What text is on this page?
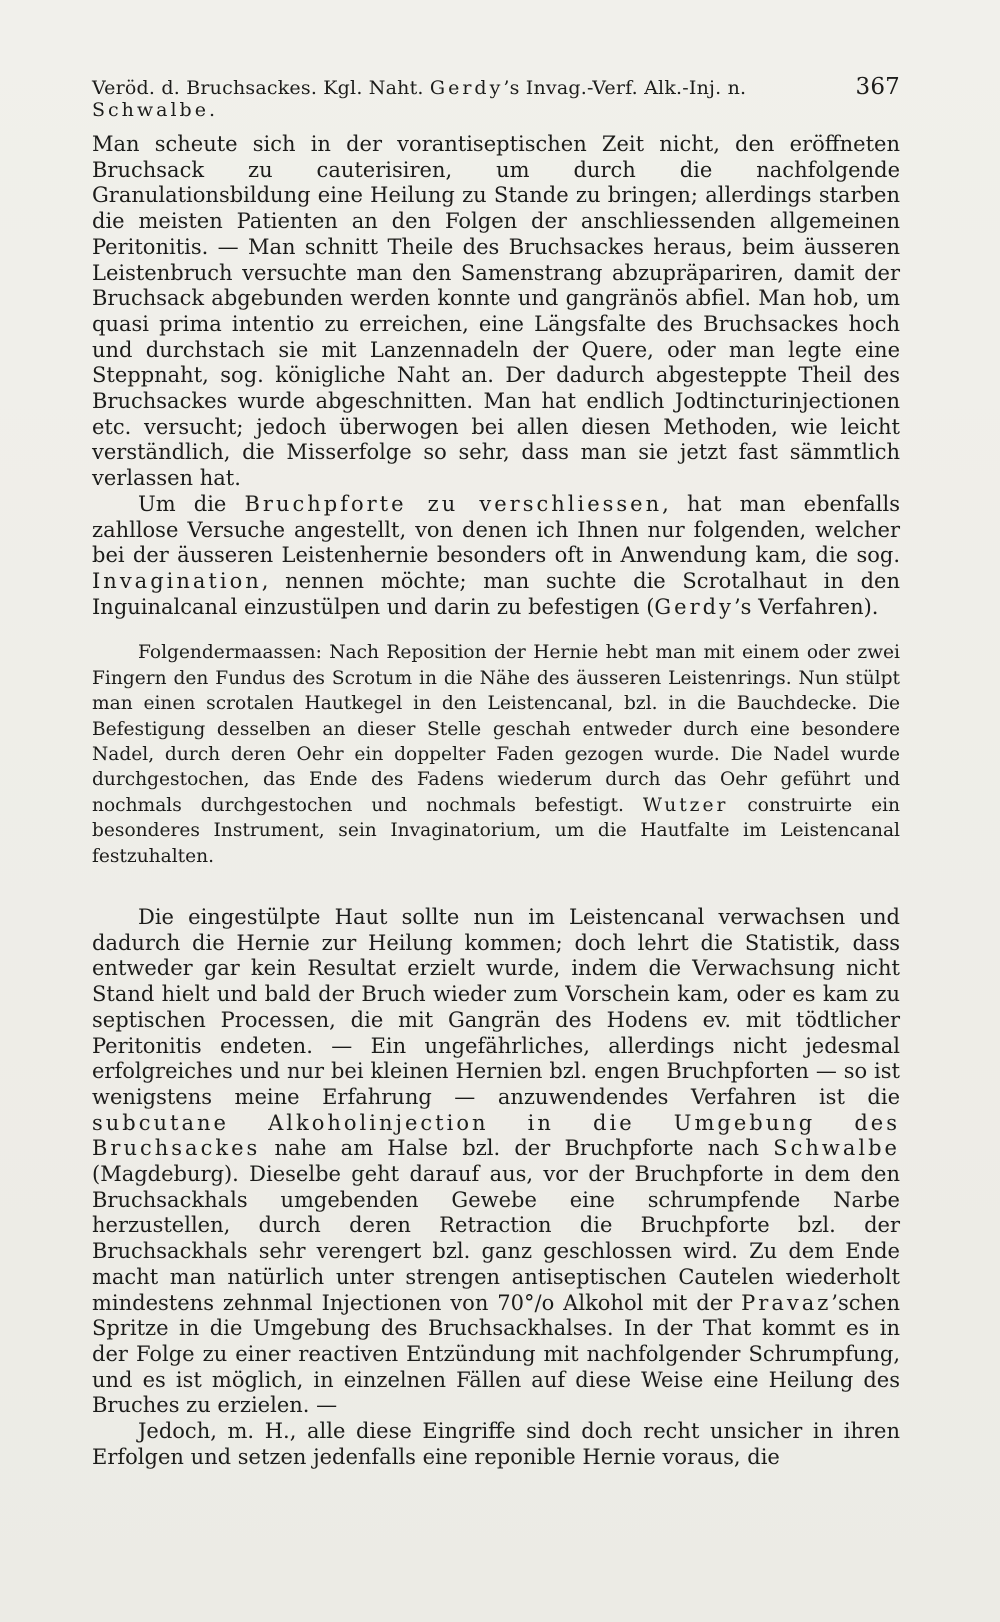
Veröd. d. Bruchsackes. Kgl. Naht. Gerdy’s Invag.-Verf. Alk.-Inj. n. Schwalbe.
367

Man scheute sich in der vorantiseptischen Zeit nicht, den eröffneten Bruchsack zu cauterisiren, um durch die nachfolgende Granulationsbildung eine Heilung zu Stande zu bringen; allerdings starben die meisten Patienten an den Folgen der anschliessenden allgemeinen Peritonitis. — Man schnitt Theile des Bruchsackes heraus, beim äusseren Leistenbruch versuchte man den Samenstrang abzupräpariren, damit der Bruchsack abgebunden werden konnte und gangränös abfiel. Man hob, um quasi prima intentio zu erreichen, eine Längsfalte des Bruchsackes hoch und durchstach sie mit Lanzennadeln der Quere, oder man legte eine Steppnaht, sog. königliche Naht an. Der dadurch abgesteppte Theil des Bruchsackes wurde abgeschnitten. Man hat endlich Jodtincturinjectionen etc. versucht; jedoch überwogen bei allen diesen Methoden, wie leicht verständlich, die Misserfolge so sehr, dass man sie jetzt fast sämmtlich verlassen hat.

Um die Bruchpforte zu verschliessen, hat man ebenfalls zahllose Versuche angestellt, von denen ich Ihnen nur folgenden, welcher bei der äusseren Leistenhernie besonders oft in Anwendung kam, die sog. Invagination, nennen möchte; man suchte die Scrotalhaut in den Inguinalcanal einzustülpen und darin zu befestigen (Gerdy’s Verfahren).

Folgendermaassen: Nach Reposition der Hernie hebt man mit einem oder zwei Fingern den Fundus des Scrotum in die Nähe des äusseren Leistenrings. Nun stülpt man einen scrotalen Hautkegel in den Leistencanal, bzl. in die Bauchdecke. Die Befestigung desselben an dieser Stelle geschah entweder durch eine besondere Nadel, durch deren Oehr ein doppelter Faden gezogen wurde. Die Nadel wurde durchgestochen, das Ende des Fadens wiederum durch das Oehr geführt und nochmals durchgestochen und nochmals befestigt. Wutzer construirte ein besonderes Instrument, sein Invaginatorium, um die Hautfalte im Leistencanal festzuhalten.

Die eingestülpte Haut sollte nun im Leistencanal verwachsen und dadurch die Hernie zur Heilung kommen; doch lehrt die Statistik, dass entweder gar kein Resultat erzielt wurde, indem die Verwachsung nicht Stand hielt und bald der Bruch wieder zum Vorschein kam, oder es kam zu septischen Processen, die mit Gangrän des Hodens ev. mit tödtlicher Peritonitis endeten. — Ein ungefährliches, allerdings nicht jedesmal erfolgreiches und nur bei kleinen Hernien bzl. engen Bruchpforten — so ist wenigstens meine Erfahrung — anzuwendendes Verfahren ist die subcutane Alkoholinjection in die Umgebung des Bruchsackes nahe am Halse bzl. der Bruchpforte nach Schwalbe (Magdeburg). Dieselbe geht darauf aus, vor der Bruchpforte in dem den Bruchsackhals umgebenden Gewebe eine schrumpfende Narbe herzustellen, durch deren Retraction die Bruchpforte bzl. der Bruchsackhals sehr verengert bzl. ganz geschlossen wird. Zu dem Ende macht man natürlich unter strengen antiseptischen Cautelen wiederholt mindestens zehnmal Injectionen von 70°/o Alkohol mit der Pravaz’schen Spritze in die Umgebung des Bruchsackhalses. In der That kommt es in der Folge zu einer reactiven Entzündung mit nachfolgender Schrumpfung, und es ist möglich, in einzelnen Fällen auf diese Weise eine Heilung des Bruches zu erzielen. —

Jedoch, m. H., alle diese Eingriffe sind doch recht unsicher in ihren Erfolgen und setzen jedenfalls eine reponible Hernie voraus, die
